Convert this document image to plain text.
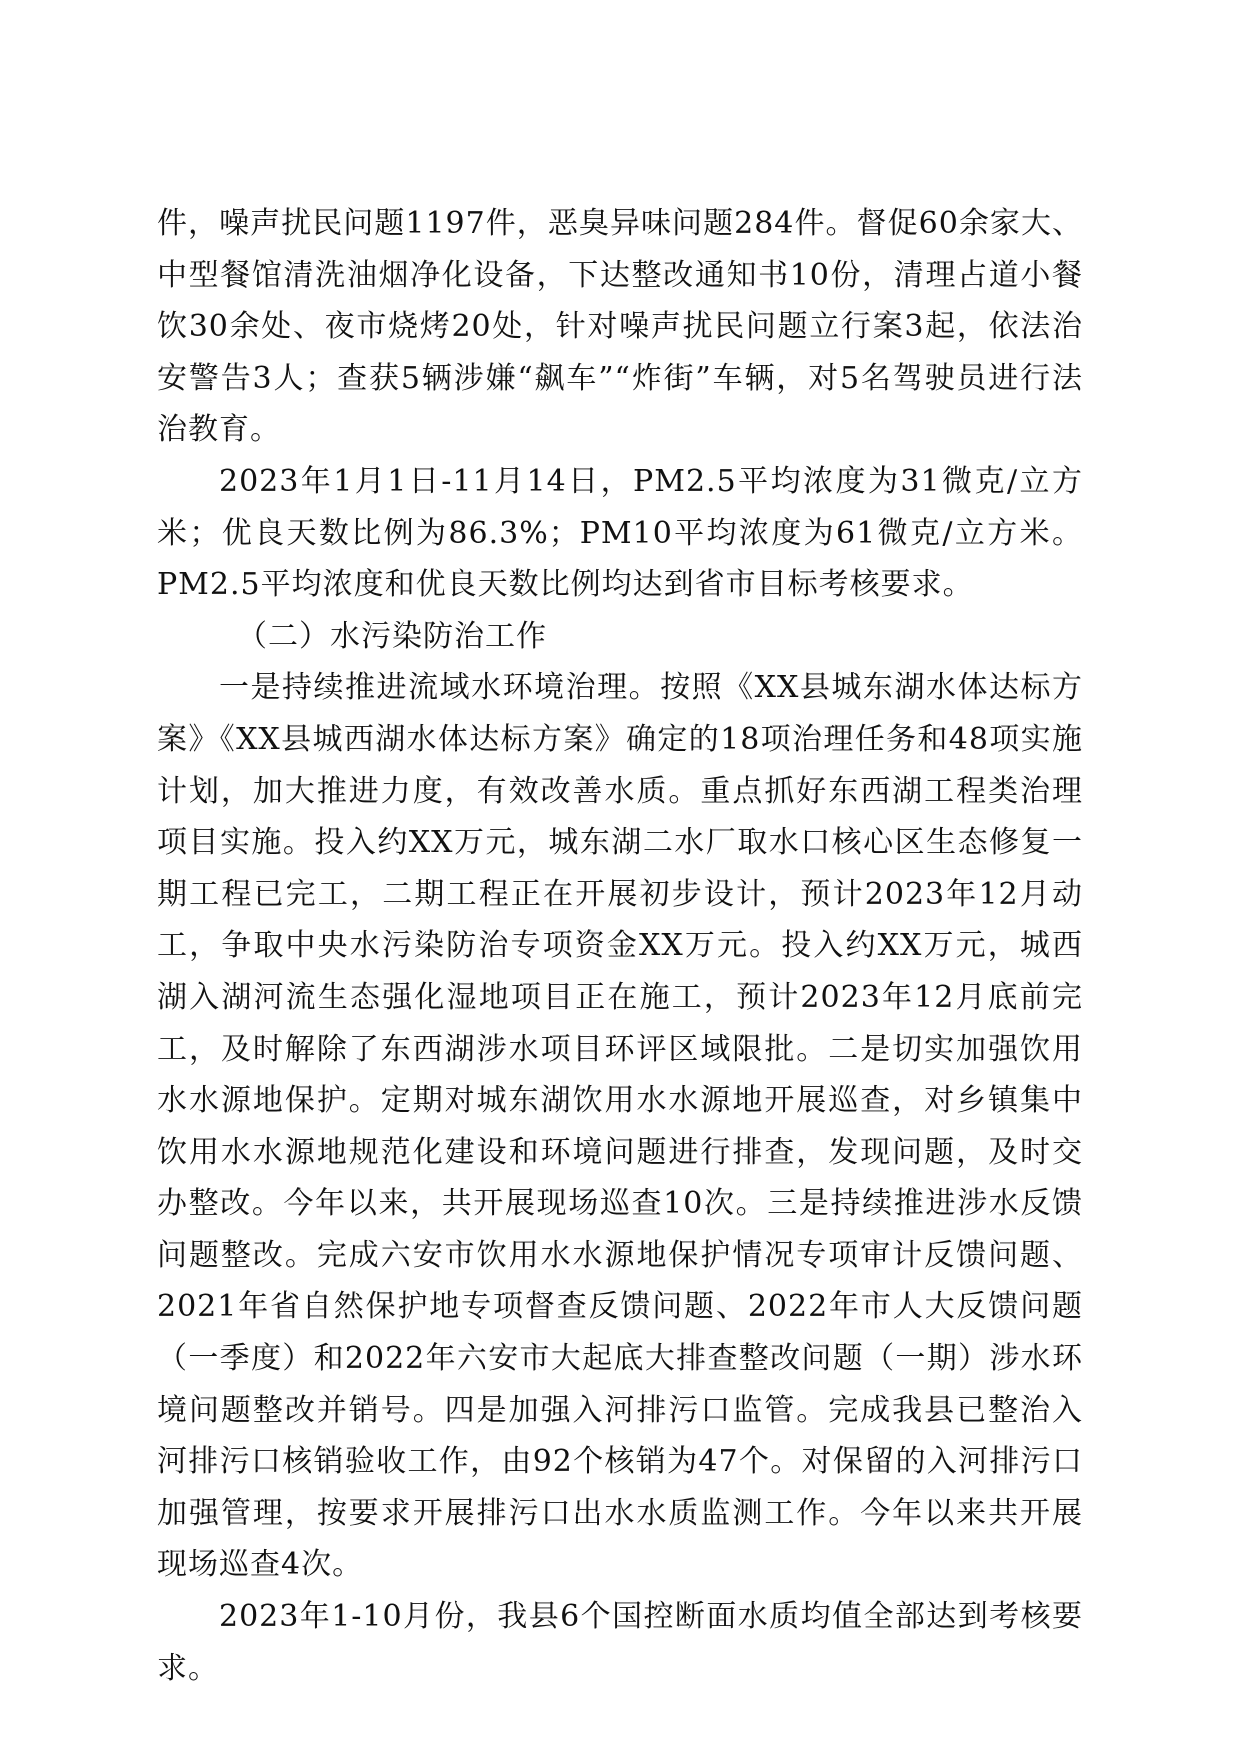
件，噪声扰民问题1197件，恶臭异味问题284件。督促60余家大、中型餐馆清洗油烟净化设备，下达整改通知书10份，清理占道小餐饮30余处、夜市烧烤20处，针对噪声扰民问题立行案3起，依法治安警告3人；查获5辆涉嫌“飙车”“炸街”车辆，对5名驾驶员进行法治教育。

2023年1月1日-11月14日，PM2.5平均浓度为31微克/立方米；优良天数比例为86.3%；PM10平均浓度为61微克/立方米。PM2.5平均浓度和优良天数比例均达到省市目标考核要求。

（二）水污染防治工作

一是持续推进流域水环境治理。按照《XX县城东湖水体达标方案》《XX县城西湖水体达标方案》确定的18项治理任务和48项实施计划，加大推进力度，有效改善水质。重点抓好东西湖工程类治理项目实施。投入约XX万元，城东湖二水厂取水口核心区生态修复一期工程已完工，二期工程正在开展初步设计，预计2023年12月动工，争取中央水污染防治专项资金XX万元。投入约XX万元，城西湖入湖河流生态强化湿地项目正在施工，预计2023年12月底前完工，及时解除了东西湖涉水项目环评区域限批。二是切实加强饮用水水源地保护。定期对城东湖饮用水水源地开展巡查，对乡镇集中饮用水水源地规范化建设和环境问题进行排查，发现问题，及时交办整改。今年以来，共开展现场巡查10次。三是持续推进涉水反馈问题整改。完成六安市饮用水水源地保护情况专项审计反馈问题、2021年省自然保护地专项督查反馈问题、2022年市人大反馈问题（一季度）和2022年六安市大起底大排查整改问题（一期）涉水环境问题整改并销号。四是加强入河排污口监管。完成我县已整治入河排污口核销验收工作，由92个核销为47个。对保留的入河排污口加强管理，按要求开展排污口出水水质监测工作。今年以来共开展现场巡查4次。

2023年1-10月份，我县6个国控断面水质均值全部达到考核要求。
